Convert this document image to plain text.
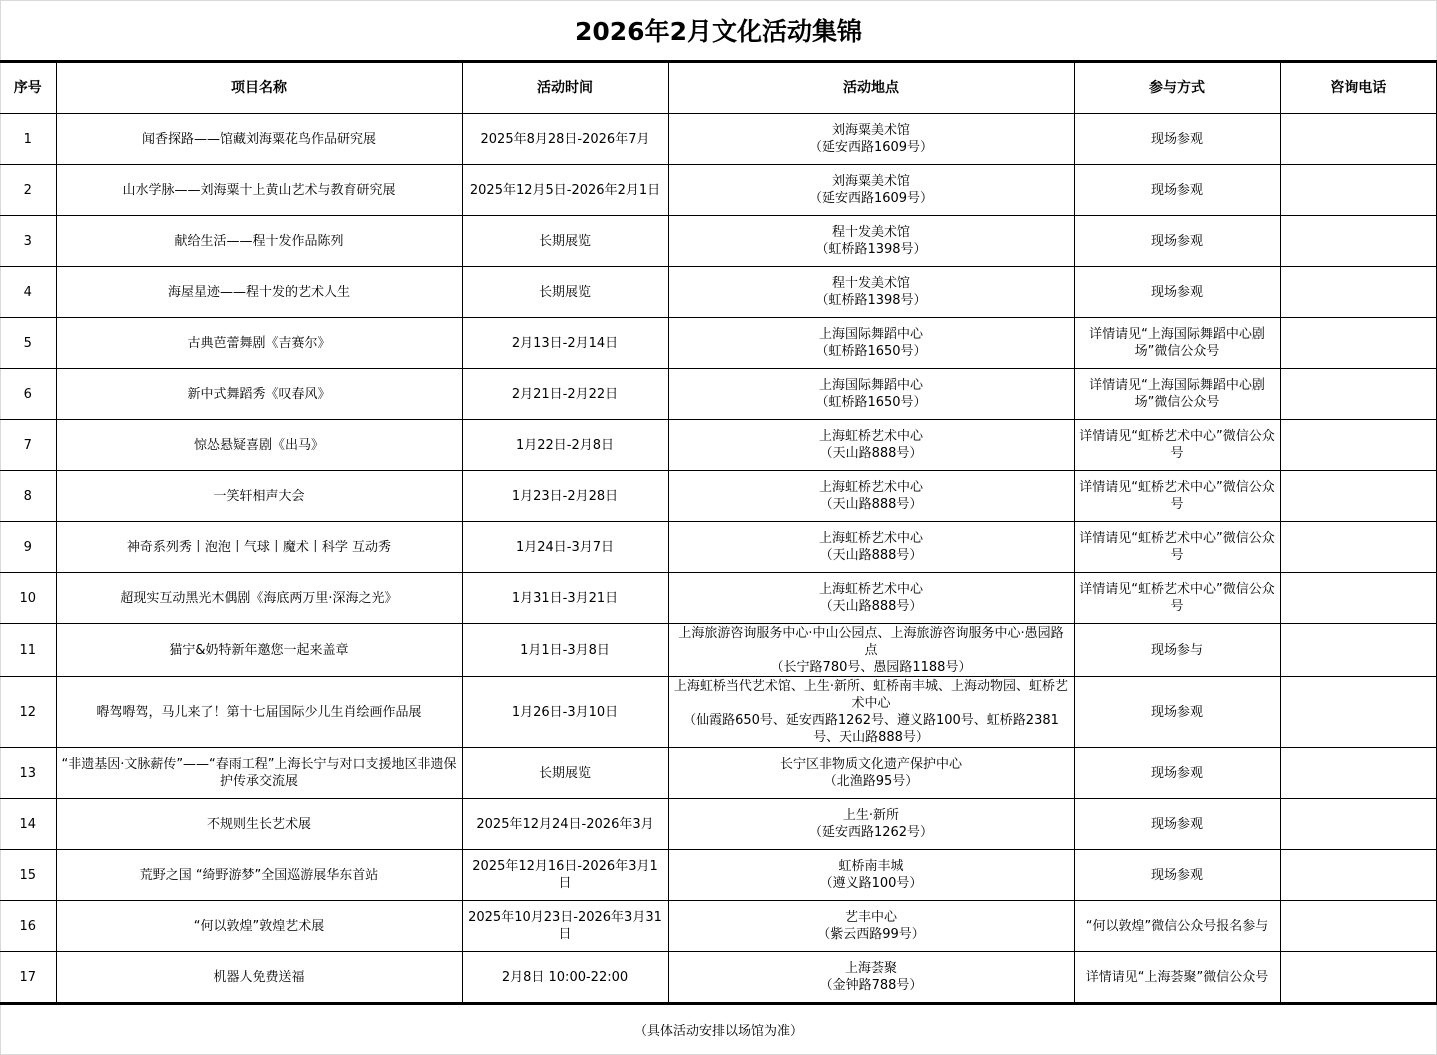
2026年2月文化活动集锦
序号	项目名称	活动时间	活动地点	参与方式	咨询电话
1	闻香探路——馆藏刘海粟花鸟作品研究展	2025年8月28日-2026年7月	刘海粟美术馆
（延安西路1609号）	现场参观	
2	山水学脉——刘海粟十上黄山艺术与教育研究展	2025年12月5日-2026年2月1日	刘海粟美术馆
（延安西路1609号）	现场参观	
3	献给生活——程十发作品陈列	长期展览	程十发美术馆
（虹桥路1398号）	现场参观	
4	海屋星迹——程十发的艺术人生	长期展览	程十发美术馆
（虹桥路1398号）	现场参观	
5	古典芭蕾舞剧《吉赛尔》	2月13日-2月14日	上海国际舞蹈中心
（虹桥路1650号）	详情请见“上海国际舞蹈中心剧场”微信公众号	
6	新中式舞蹈秀《叹春风》	2月21日-2月22日	上海国际舞蹈中心
（虹桥路1650号）	详情请见“上海国际舞蹈中心剧场”微信公众号	
7	惊怂悬疑喜剧《出马》	1月22日-2月8日	上海虹桥艺术中心
（天山路888号）	详情请见“虹桥艺术中心”微信公众号	
8	一笑轩相声大会	1月23日-2月28日	上海虹桥艺术中心
（天山路888号）	详情请见“虹桥艺术中心”微信公众号	
9	神奇系列秀丨泡泡丨气球丨魔术丨科学 互动秀	1月24日-3月7日	上海虹桥艺术中心
（天山路888号）	详情请见“虹桥艺术中心”微信公众号	
10	超现实互动黑光木偶剧《海底两万里·深海之光》	1月31日-3月21日	上海虹桥艺术中心
（天山路888号）	详情请见“虹桥艺术中心”微信公众号	
11	猫宁&奶特新年邀您一起来盖章	1月1日-3月8日	上海旅游咨询服务中心·中山公园点、上海旅游咨询服务中心·愚园路点
（长宁路780号、愚园路1188号）	现场参与	
12	嘚驾嘚驾，马儿来了！第十七届国际少儿生肖绘画作品展	1月26日-3月10日	上海虹桥当代艺术馆、上生·新所、虹桥南丰城、上海动物园、虹桥艺术中心
（仙霞路650号、延安西路1262号、遵义路100号、虹桥路2381号、天山路888号）	现场参观	
13	“非遗基因·文脉薪传”——“春雨工程”上海长宁与对口支援地区非遗保护传承交流展	长期展览	长宁区非物质文化遗产保护中心
（北渔路95号）	现场参观	
14	不规则生长艺术展	2025年12月24日-2026年3月	上生·新所
（延安西路1262号）	现场参观	
15	荒野之国 “绮野游梦”全国巡游展华东首站	2025年12月16日-2026年3月1日	虹桥南丰城
（遵义路100号）	现场参观	
16	“何以敦煌”敦煌艺术展	2025年10月23日-2026年3月31日	艺丰中心
（紫云西路99号）	“何以敦煌”微信公众号报名参与	
17	机器人免费送福	2月8日 10:00-22:00	上海荟聚
（金钟路788号）	详情请见“上海荟聚”微信公众号	
（具体活动安排以场馆为准）
